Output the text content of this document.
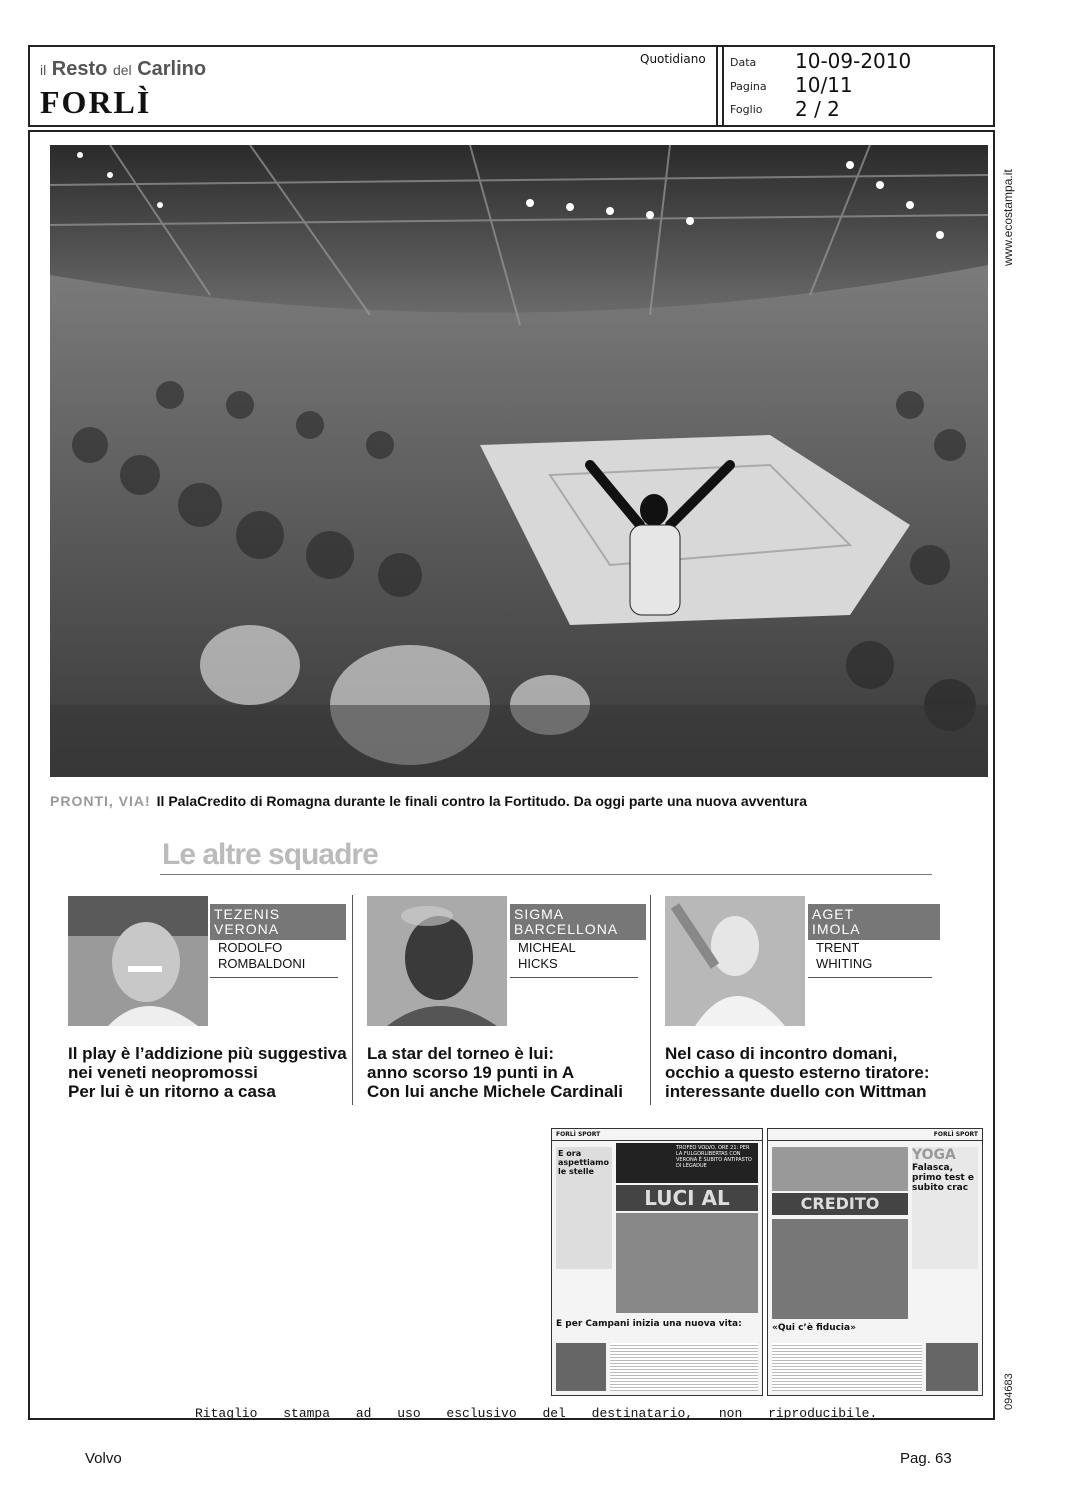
il Resto del Carlino
FORLÌ
Quotidiano Data 10-09-2010
Pagina 10/11
Foglio 2 / 2
www.ecostampa.it
094683
PRONTI, VIA! Il PalaCredito di Romagna durante le finali contro la Fortitudo. Da oggi parte una nuova avventura
Le altre squadre
TEZENIS
VERONA
RODOLFO
ROMBALDONI
Il play è l’addizione più suggestiva
nei veneti neopromossi
Per lui è un ritorno a casa
SIGMA
BARCELLONA
MICHEAL
HICKS
La star del torneo è lui:
anno scorso 19 punti in A
Con lui anche Michele Cardinali
AGET
IMOLA
TRENT
WHITING
Nel caso di incontro domani,
occhio a questo esterno tiratore:
interessante duello con Wittman
FORLÌ SPORT
E ora aspettiamo le stelle
TROFEO VOLVO, ORE 21: PER LA FULGORLIBERTAS CON VERONA È SUBITO ANTIPASTO DI LEGADUE
LUCI AL
E per Campani inizia una nuova vita:
FORLÌ SPORT
YOGA
Falasca, primo test e subito crac
CREDITO
«Qui c’è fiducia»
Ritaglio stampa ad uso esclusivo del destinatario, non riproducibile.
Volvo	Pag. 63
